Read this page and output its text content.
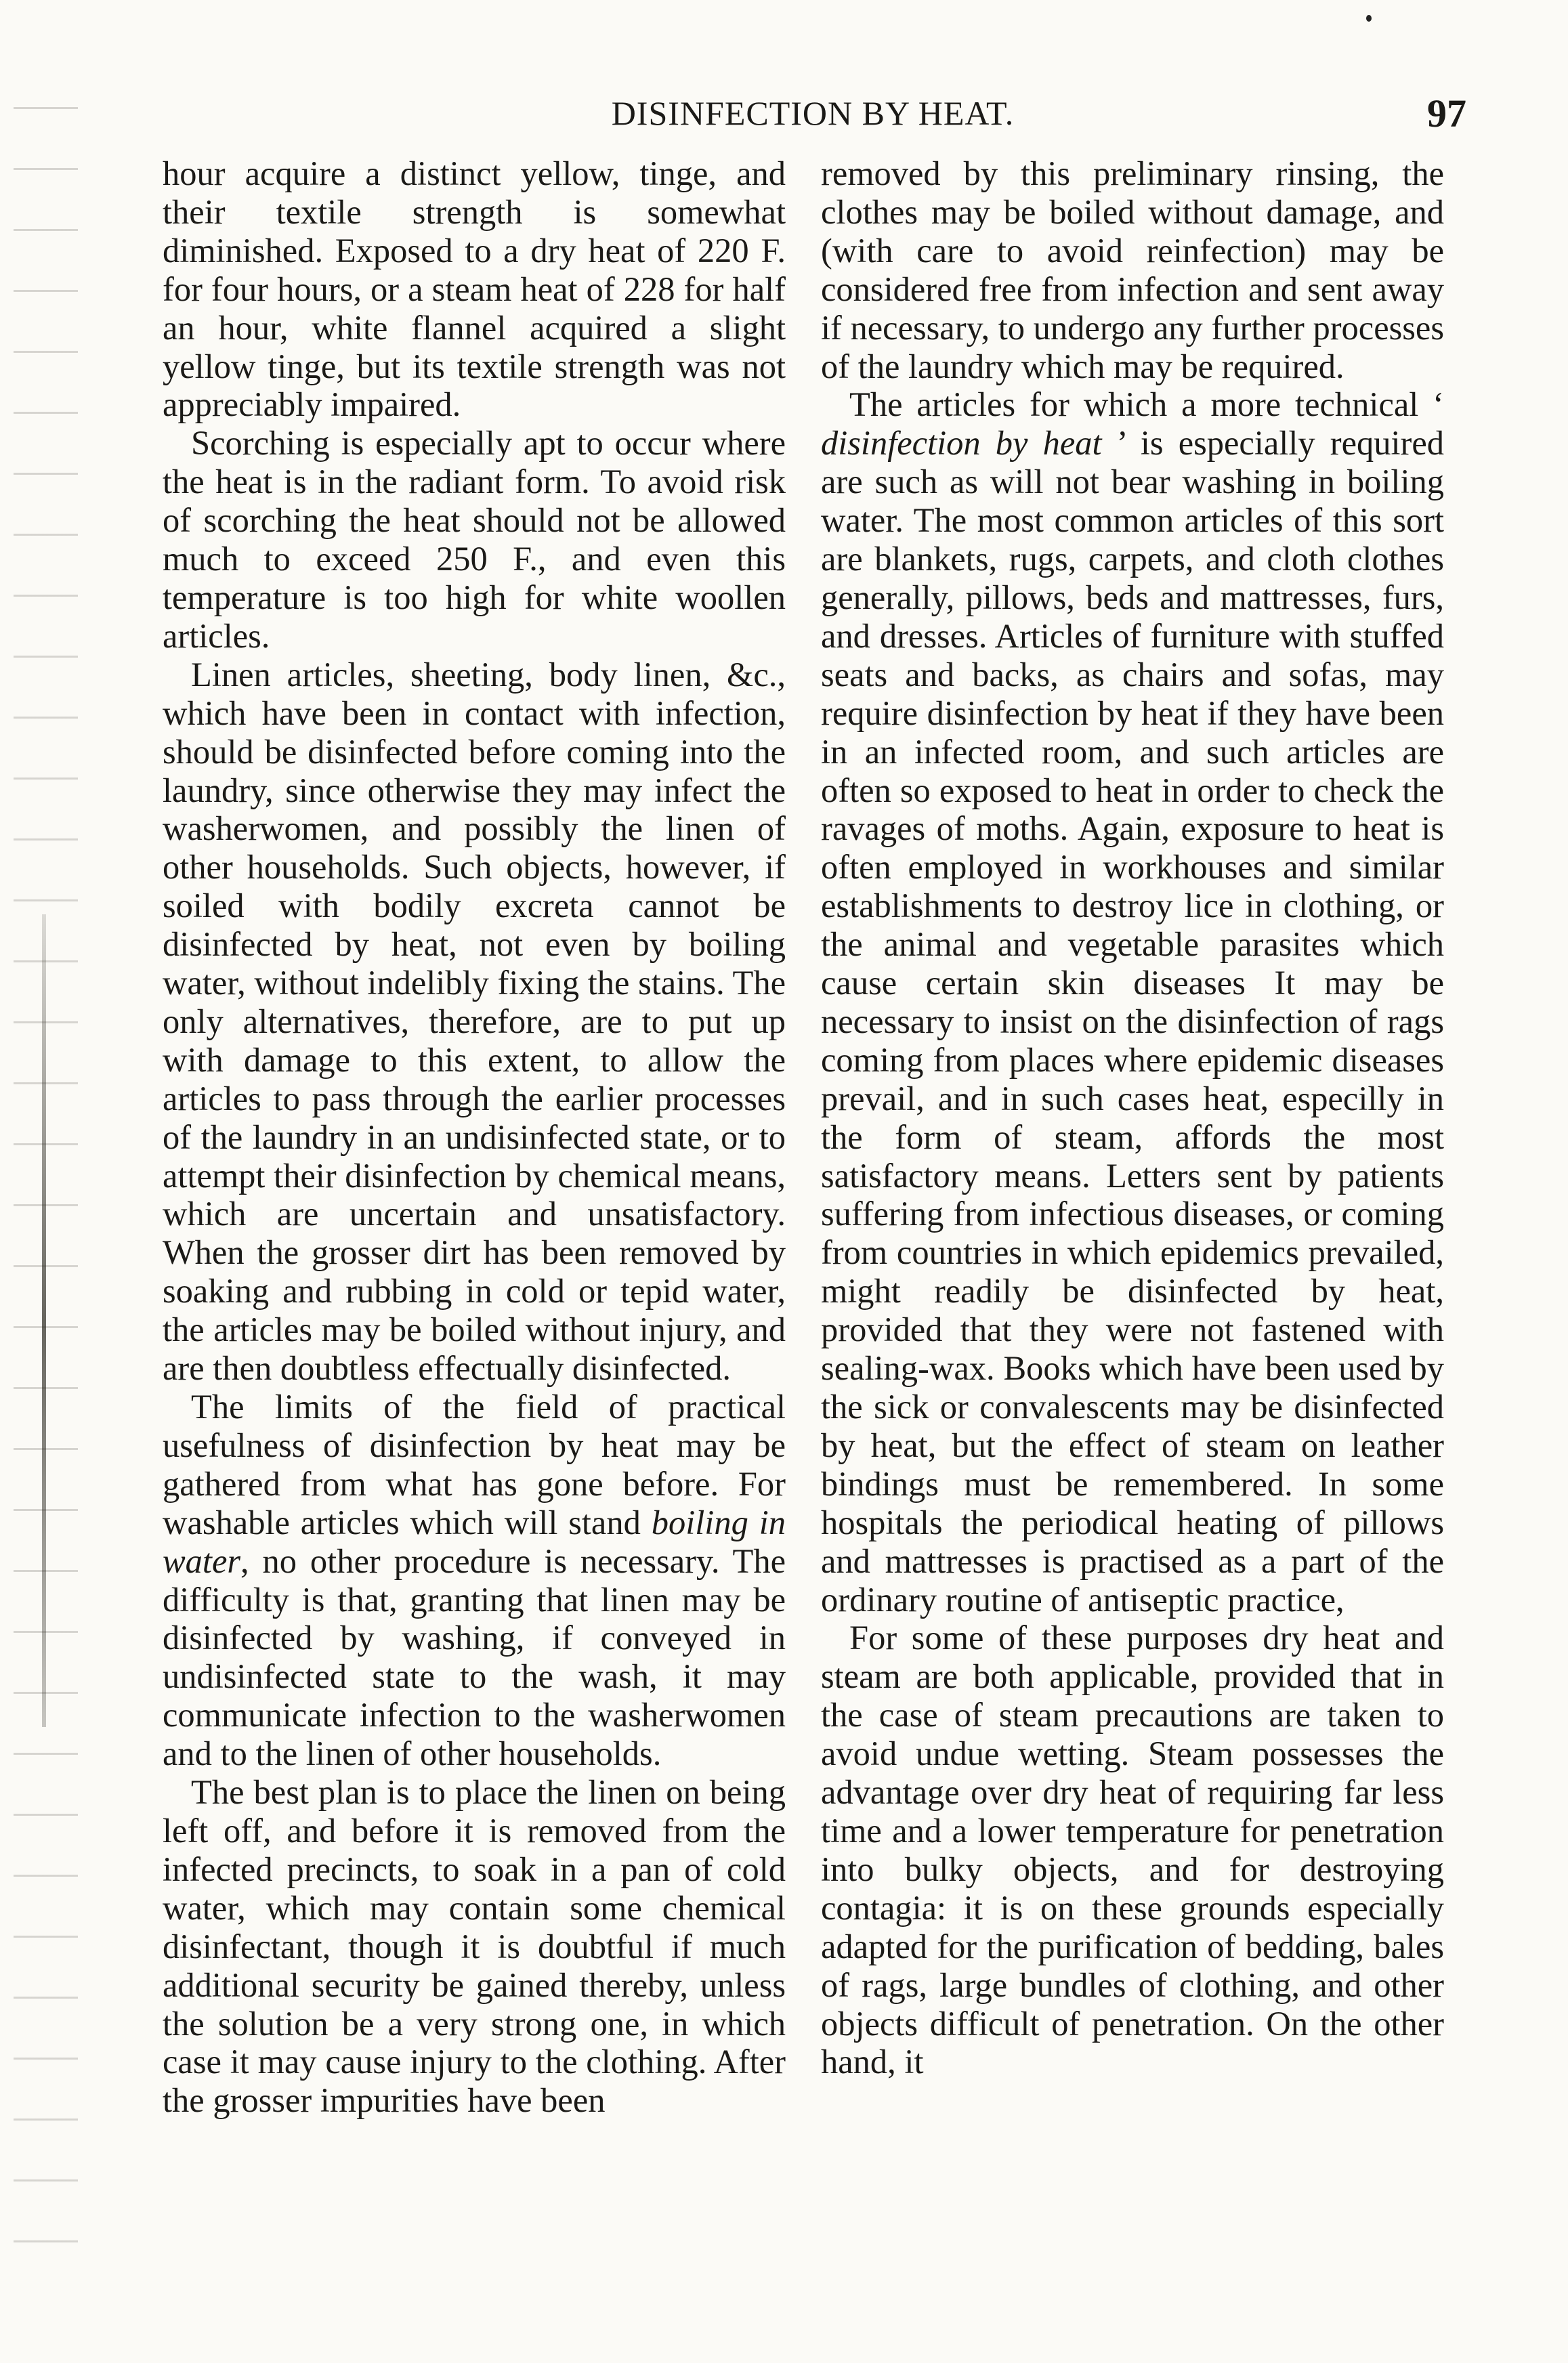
DISINFECTION BY HEAT.	97

hour acquire a distinct yellow, tinge, and their textile strength is somewhat diminished. Exposed to a dry heat of 220 F. for four hours, or a steam heat of 228 for half an hour, white flannel acquired a slight yellow tinge, but its textile strength was not appreciably impaired.

Scorching is especially apt to occur where the heat is in the radiant form. To avoid risk of scorching the heat should not be allowed much to exceed 250 F., and even this temperature is too high for white woollen articles.

Linen articles, sheeting, body linen, &c., which have been in contact with infection, should be disinfected before coming into the laundry, since otherwise they may infect the washerwomen, and possibly the linen of other households. Such objects, however, if soiled with bodily excreta cannot be disinfected by heat, not even by boiling water, without indelibly fixing the stains. The only alternatives, therefore, are to put up with damage to this extent, to allow the articles to pass through the earlier processes of the laundry in an undisinfected state, or to attempt their disinfection by chemical means, which are uncertain and unsatisfactory. When the grosser dirt has been removed by soaking and rubbing in cold or tepid water, the articles may be boiled without injury, and are then doubtless effectually disinfected.

The limits of the field of practical usefulness of disinfection by heat may be gathered from what has gone before. For washable articles which will stand boiling in water, no other procedure is necessary. The difficulty is that, granting that linen may be disinfected by washing, if conveyed in undisinfected state to the wash, it may communicate infection to the washerwomen and to the linen of other households.

The best plan is to place the linen on being left off, and before it is removed from the infected precincts, to soak in a pan of cold water, which may contain some chemical disinfectant, though it is doubtful if much additional security be gained thereby, unless the solution be a very strong one, in which case it may cause injury to the clothing. After the grosser impurities have been

removed by this preliminary rinsing, the clothes may be boiled without damage, and (with care to avoid reinfection) may be considered free from infection and sent away if necessary, to undergo any further processes of the laundry which may be required.

The articles for which a more technical ‘ disinfection by heat ’ is especially required are such as will not bear washing in boiling water. The most common articles of this sort are blankets, rugs, carpets, and cloth clothes generally, pillows, beds and mattresses, furs, and dresses. Articles of furniture with stuffed seats and backs, as chairs and sofas, may require disinfection by heat if they have been in an infected room, and such articles are often so exposed to heat in order to check the ravages of moths. Again, exposure to heat is often employed in workhouses and similar establishments to destroy lice in clothing, or the animal and vegetable parasites which cause certain skin diseases It may be necessary to insist on the disinfection of rags coming from places where epidemic diseases prevail, and in such cases heat, especilly in the form of steam, affords the most satisfactory means. Letters sent by patients suffering from infectious diseases, or coming from countries in which epidemics prevailed, might readily be disinfected by heat, provided that they were not fastened with sealing-wax. Books which have been used by the sick or convalescents may be disinfected by heat, but the effect of steam on leather bindings must be remembered. In some hospitals the periodical heating of pillows and mattresses is practised as a part of the ordinary routine of antiseptic practice,

For some of these purposes dry heat and steam are both applicable, provided that in the case of steam precautions are taken to avoid undue wetting. Steam possesses the advantage over dry heat of requiring far less time and a lower temperature for penetration into bulky objects, and for destroying contagia: it is on these grounds especially adapted for the purification of bedding, bales of rags, large bundles of clothing, and other objects difficult of penetration. On the other hand, it
